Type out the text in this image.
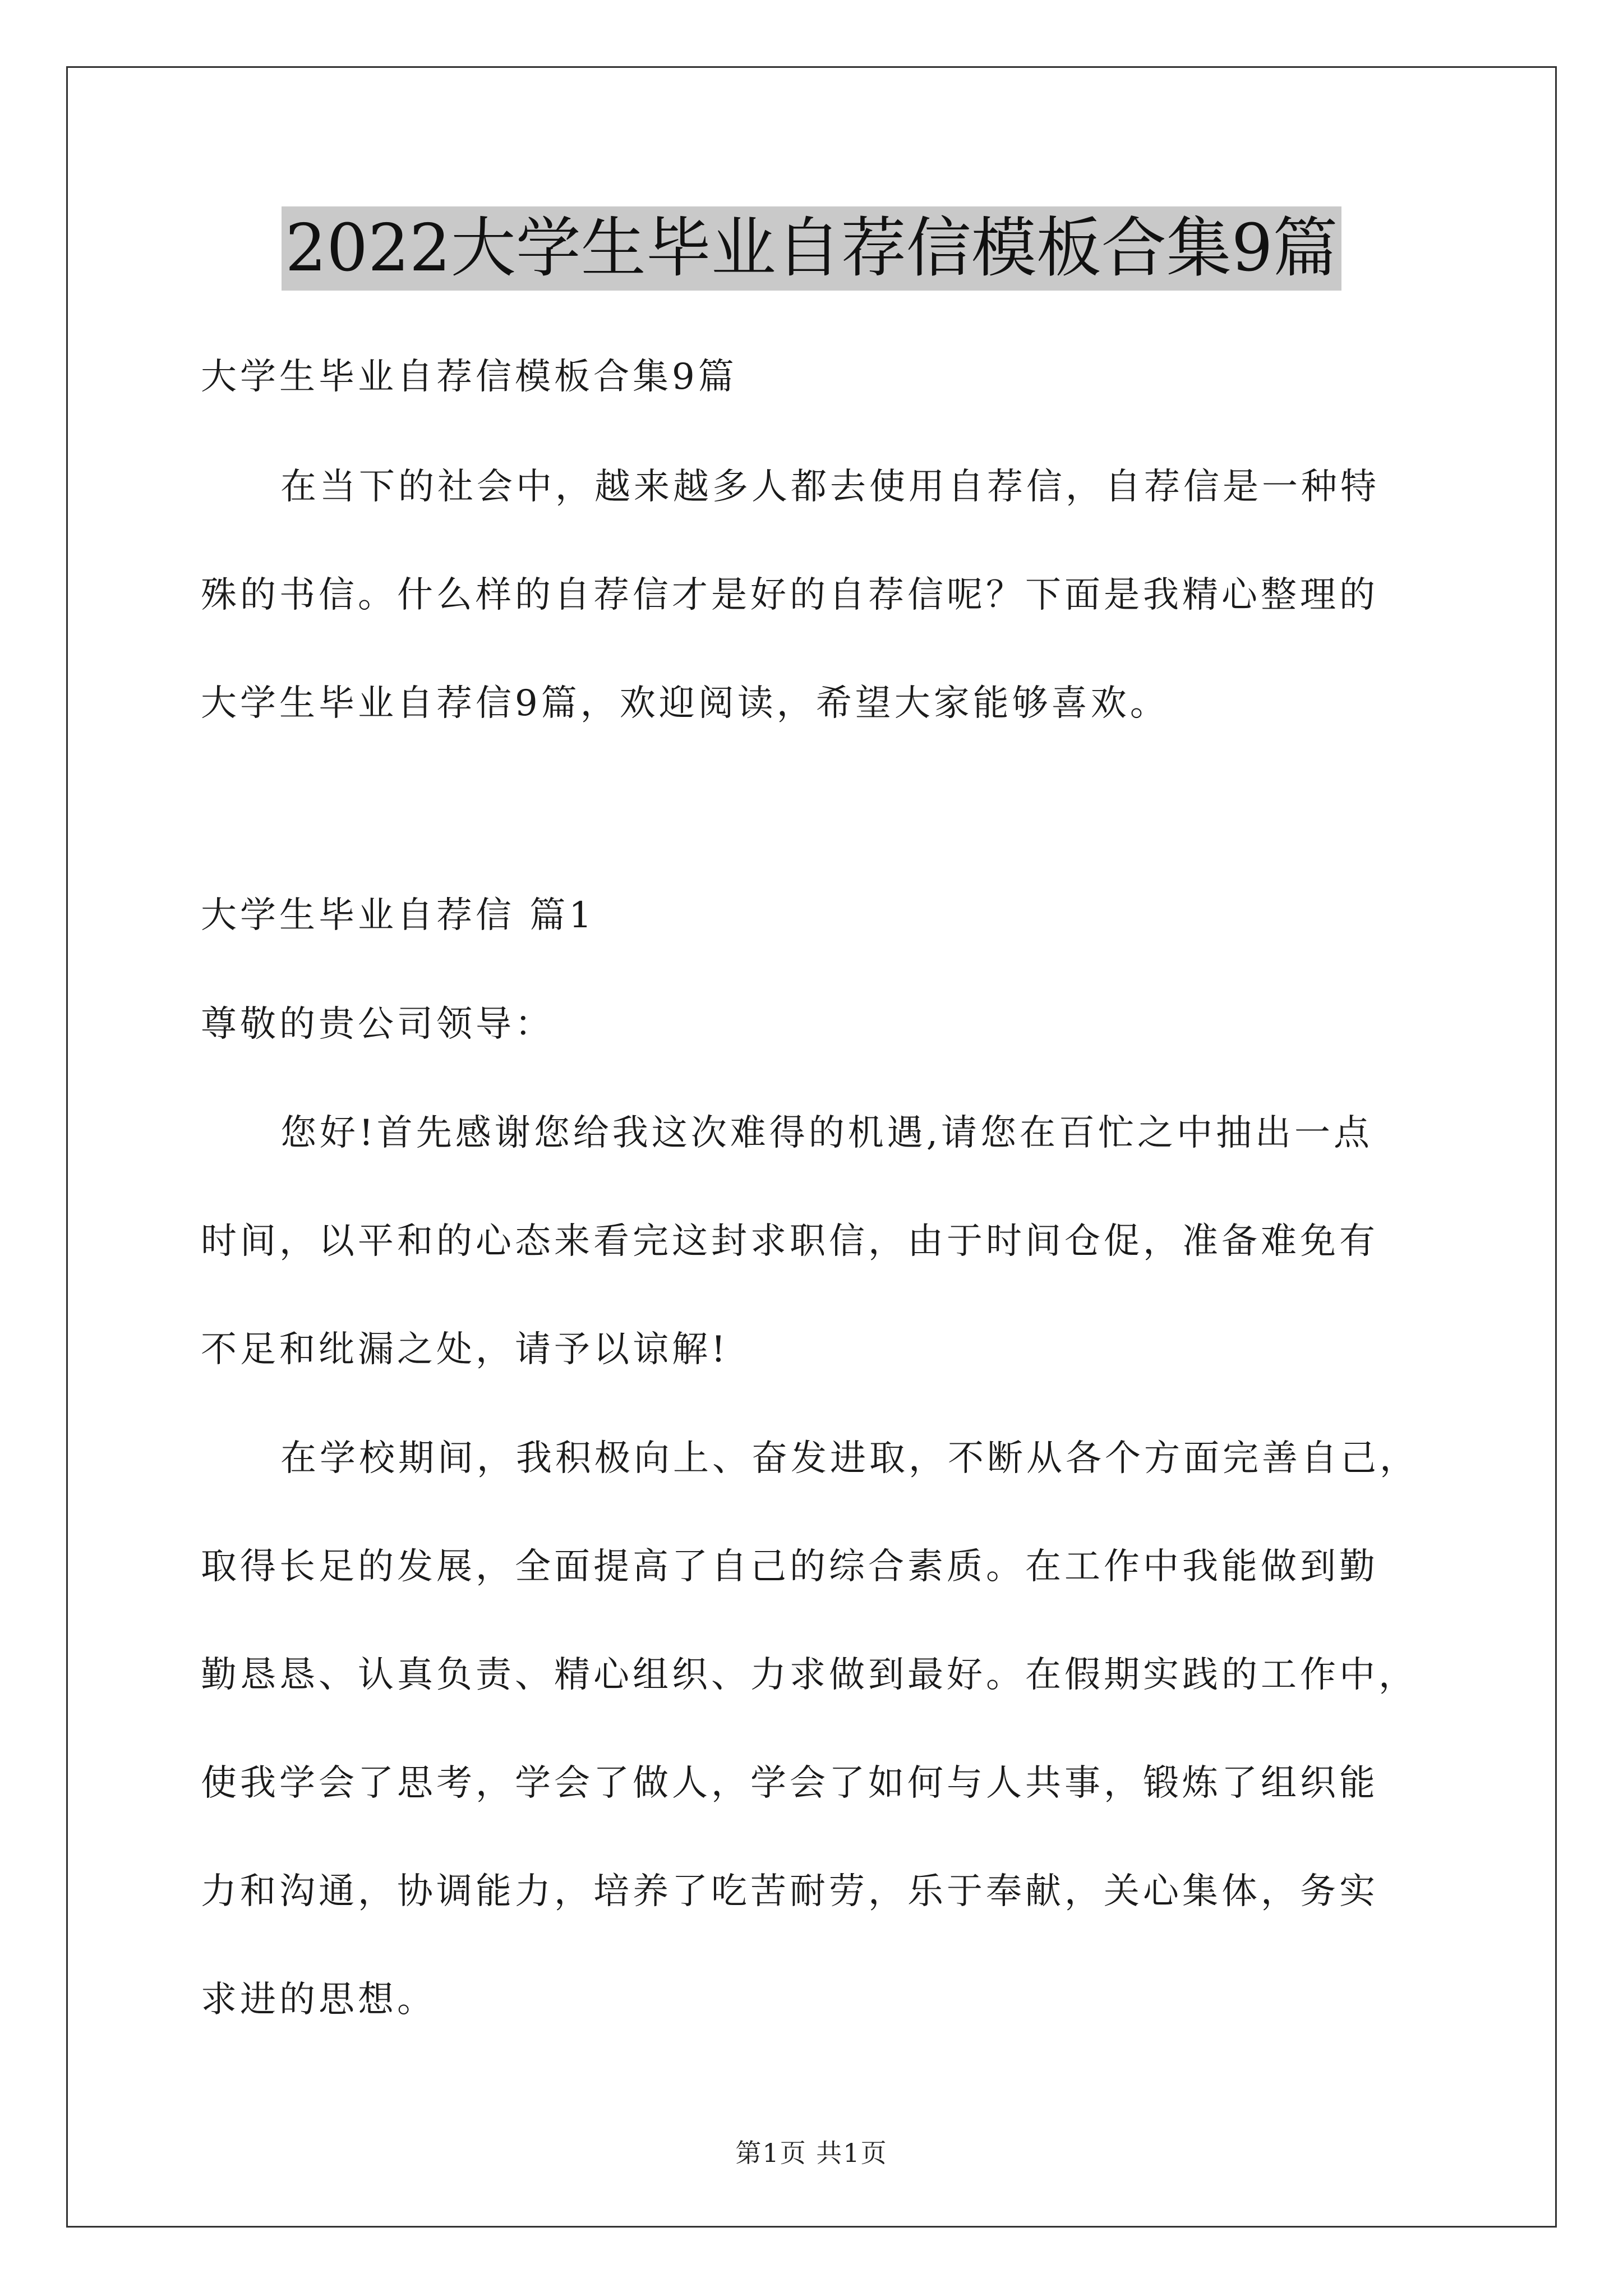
2022大学生毕业自荐信模板合集9篇
大学生毕业自荐信模板合集9篇
在当下的社会中，越来越多人都去使用自荐信，自荐信是一种特
殊的书信。什么样的自荐信才是好的自荐信呢？下面是我精心整理的
大学生毕业自荐信9篇，欢迎阅读，希望大家能够喜欢。
大学生毕业自荐信 篇1
尊敬的贵公司领导：
您好!首先感谢您给我这次难得的机遇,请您在百忙之中抽出一点
时间，以平和的心态来看完这封求职信，由于时间仓促，准备难免有
不足和纰漏之处，请予以谅解!
在学校期间，我积极向上、奋发进取，不断从各个方面完善自己，
取得长足的发展，全面提高了自己的综合素质。在工作中我能做到勤
勤恳恳、认真负责、精心组织、力求做到最好。在假期实践的工作中，
使我学会了思考，学会了做人，学会了如何与人共事，锻炼了组织能
力和沟通，协调能力，培养了吃苦耐劳，乐于奉献，关心集体，务实
求进的思想。
第1页 共1页
